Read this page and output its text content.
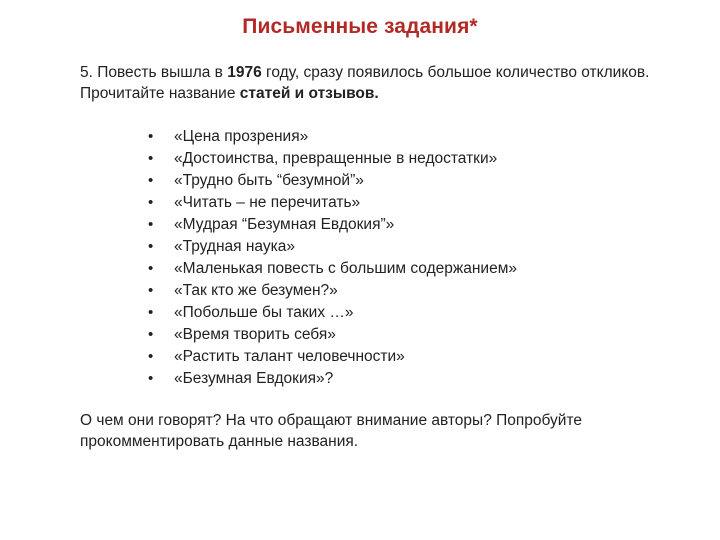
Письменные задания*
5. Повесть вышла в 1976 году, сразу появилось большое количество откликов. Прочитайте название статей и отзывов.
• «Цена прозрения»
• «Достоинства, превращенные в недостатки»
• «Трудно быть “безумной”»
• «Читать – не перечитать»
• «Мудрая “Безумная Евдокия”»
• «Трудная наука»
• «Маленькая повесть с большим содержанием»
• «Так кто же безумен?»
• «Побольше бы таких …»
• «Время творить себя»
• «Растить талант человечности»
• «Безумная Евдокия»?
О чем они говорят? На что обращают внимание авторы? Попробуйте прокомментировать данные названия.
